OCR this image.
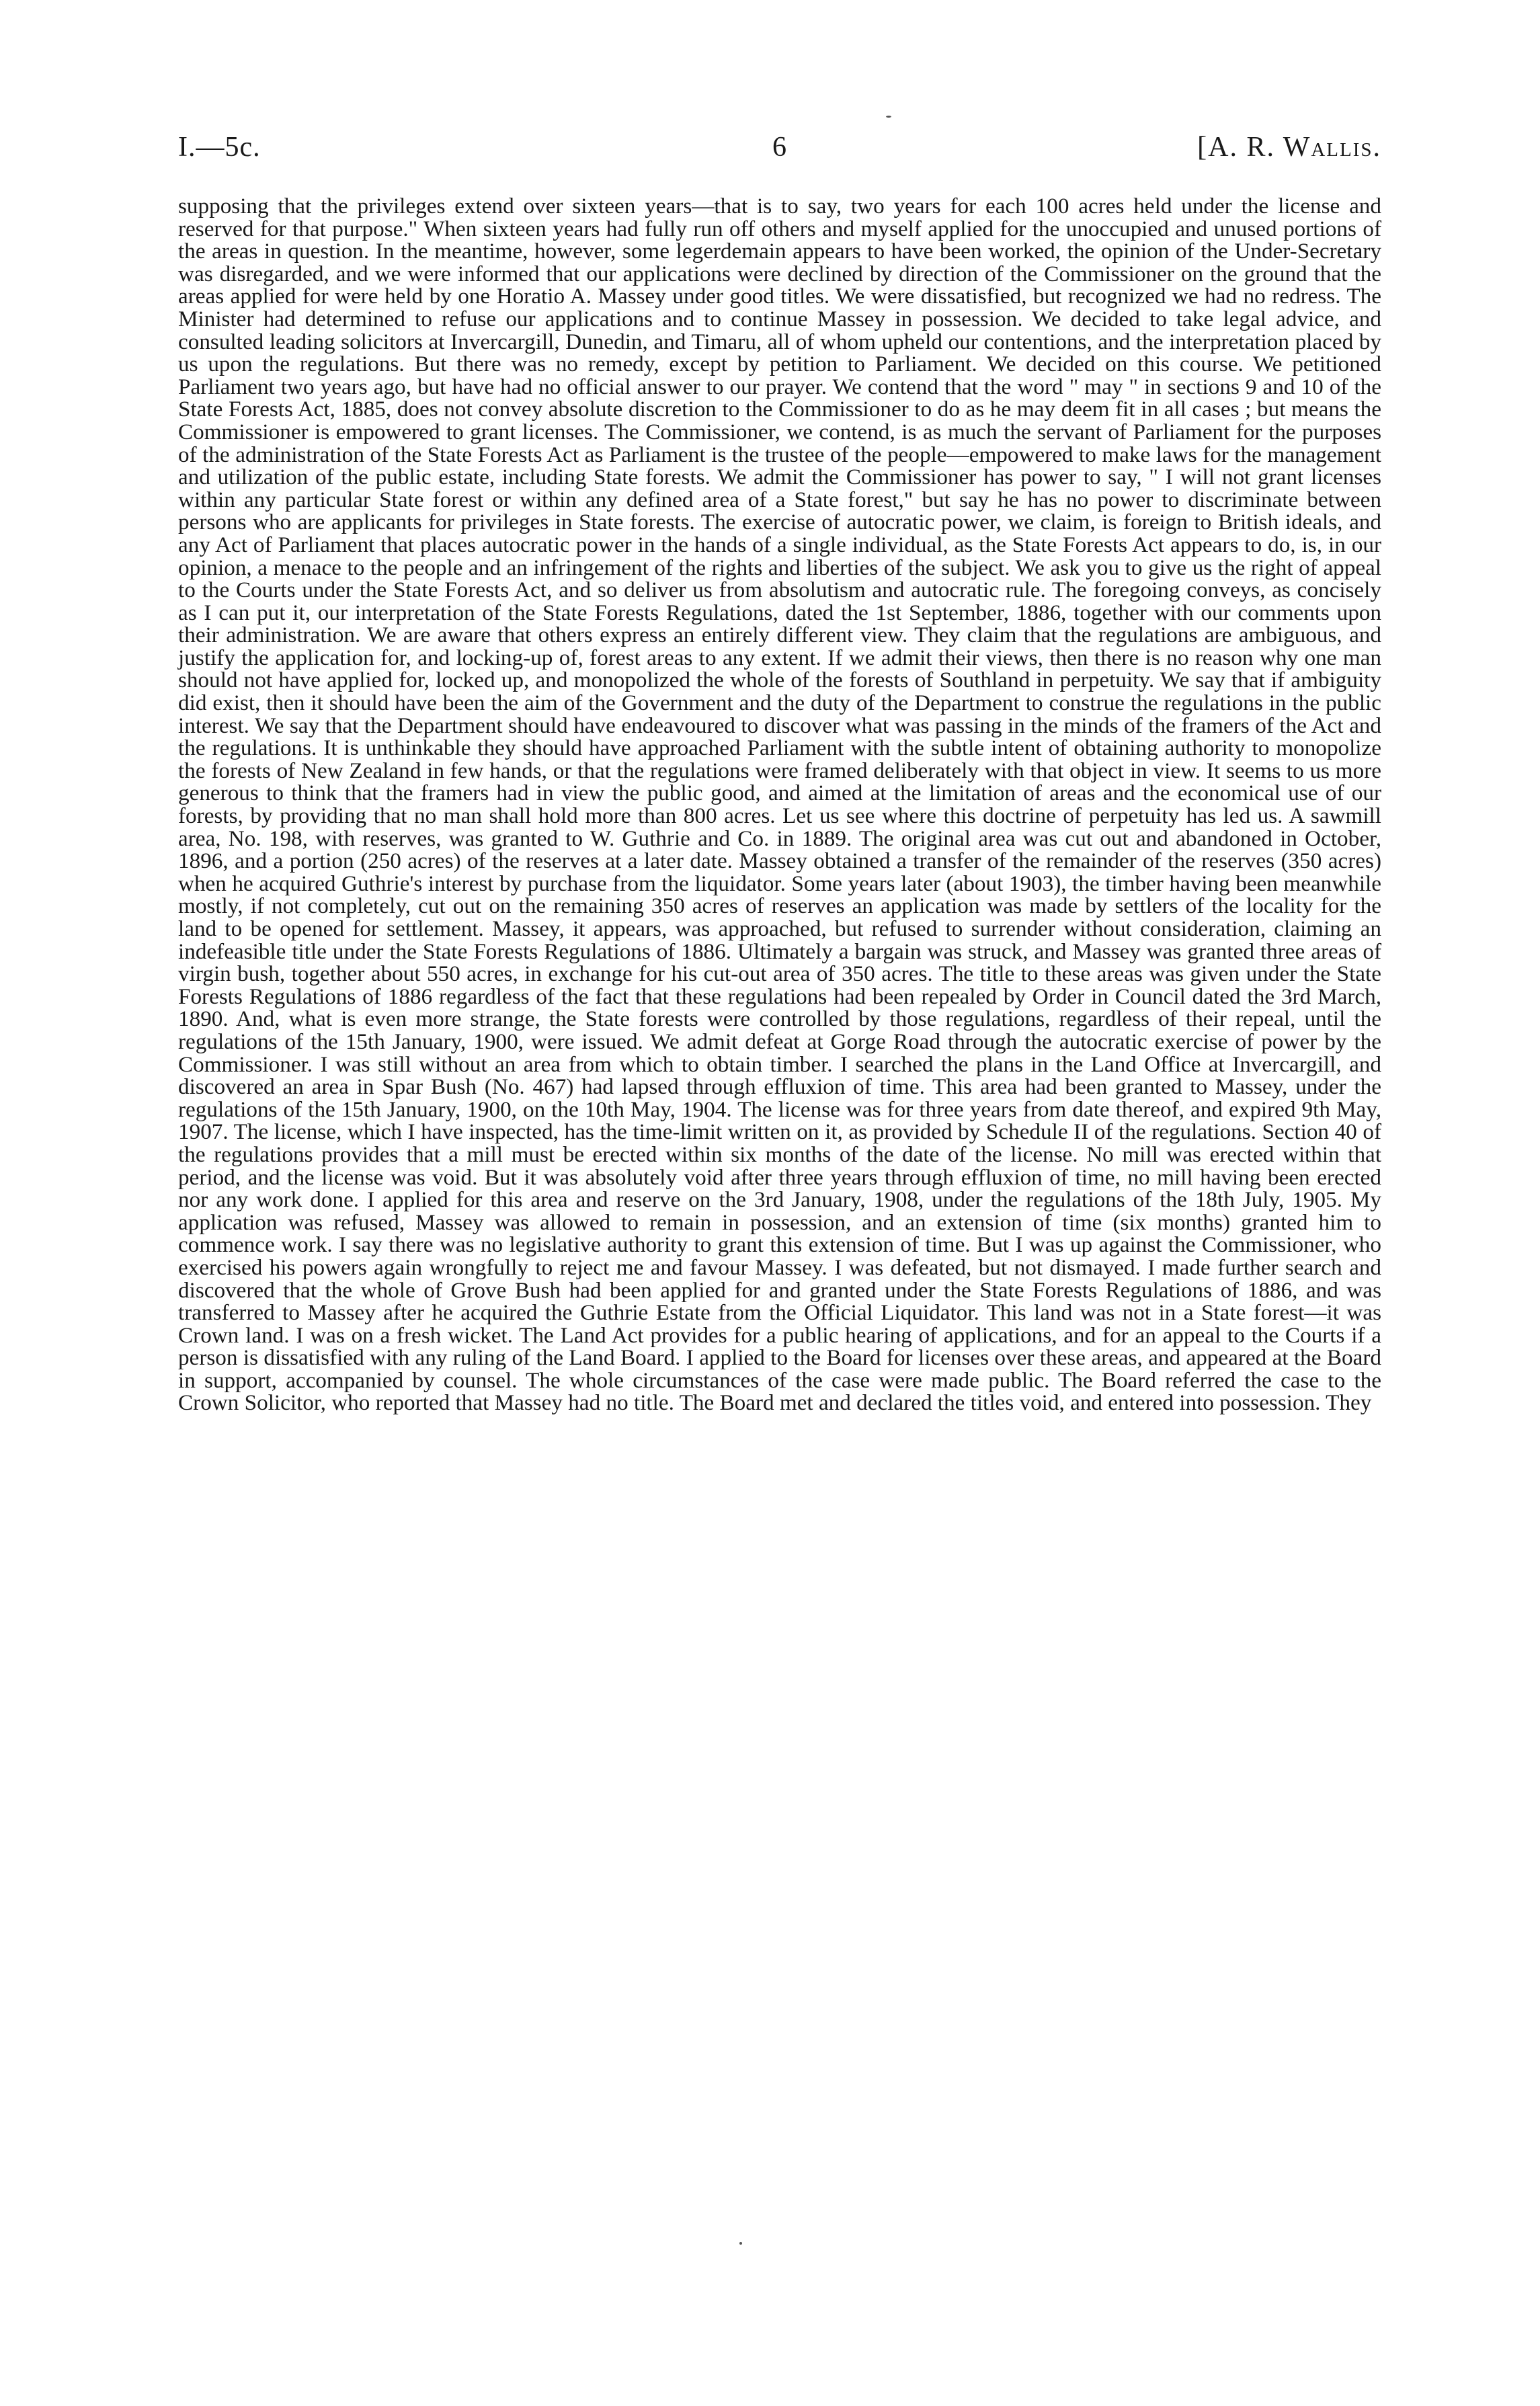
I.—5c.	6	[A. R. Wallis.

supposing that the privileges extend over sixteen years—that is to say, two years for each 100 acres held under the license and reserved for that purpose." When sixteen years had fully run off others and myself applied for the unoccupied and unused portions of the areas in question. In the meantime, however, some legerdemain appears to have been worked, the opinion of the Under-Secretary was disregarded, and we were informed that our applications were declined by direction of the Commissioner on the ground that the areas applied for were held by one Horatio A. Massey under good titles. We were dissatisfied, but recognized we had no redress. The Minister had determined to refuse our applications and to continue Massey in possession. We decided to take legal advice, and consulted leading solicitors at Invercargill, Dunedin, and Timaru, all of whom upheld our contentions, and the interpretation placed by us upon the regulations. But there was no remedy, except by petition to Parliament. We decided on this course. We petitioned Parliament two years ago, but have had no official answer to our prayer. We contend that the word " may " in sections 9 and 10 of the State Forests Act, 1885, does not convey absolute discretion to the Commissioner to do as he may deem fit in all cases ; but means the Commissioner is empowered to grant licenses. The Commissioner, we contend, is as much the servant of Parliament for the purposes of the administration of the State Forests Act as Parliament is the trustee of the people—empowered to make laws for the management and utilization of the public estate, including State forests. We admit the Commissioner has power to say, " I will not grant licenses within any particular State forest or within any defined area of a State forest," but say he has no power to discriminate between persons who are applicants for privileges in State forests. The exercise of autocratic power, we claim, is foreign to British ideals, and any Act of Parliament that places autocratic power in the hands of a single individual, as the State Forests Act appears to do, is, in our opinion, a menace to the people and an infringement of the rights and liberties of the subject. We ask you to give us the right of appeal to the Courts under the State Forests Act, and so deliver us from absolutism and autocratic rule. The foregoing conveys, as concisely as I can put it, our interpretation of the State Forests Regulations, dated the 1st September, 1886, together with our comments upon their administration. We are aware that others express an entirely different view. They claim that the regulations are ambiguous, and justify the application for, and locking-up of, forest areas to any extent. If we admit their views, then there is no reason why one man should not have applied for, locked up, and monopolized the whole of the forests of Southland in perpetuity. We say that if ambiguity did exist, then it should have been the aim of the Government and the duty of the Department to construe the regulations in the public interest. We say that the Department should have endeavoured to discover what was passing in the minds of the framers of the Act and the regulations. It is unthinkable they should have approached Parliament with the subtle intent of obtaining authority to monopolize the forests of New Zealand in few hands, or that the regulations were framed deliberately with that object in view. It seems to us more generous to think that the framers had in view the public good, and aimed at the limitation of areas and the economical use of our forests, by providing that no man shall hold more than 800 acres. Let us see where this doctrine of perpetuity has led us. A sawmill area, No. 198, with reserves, was granted to W. Guthrie and Co. in 1889. The original area was cut out and abandoned in October, 1896, and a portion (250 acres) of the reserves at a later date. Massey obtained a transfer of the remainder of the reserves (350 acres) when he acquired Guthrie's interest by purchase from the liquidator. Some years later (about 1903), the timber having been meanwhile mostly, if not completely, cut out on the remaining 350 acres of reserves an application was made by settlers of the locality for the land to be opened for settlement. Massey, it appears, was approached, but refused to surrender without consideration, claiming an indefeasible title under the State Forests Regulations of 1886. Ultimately a bargain was struck, and Massey was granted three areas of virgin bush, together about 550 acres, in exchange for his cut-out area of 350 acres. The title to these areas was given under the State Forests Regulations of 1886 regardless of the fact that these regulations had been repealed by Order in Council dated the 3rd March, 1890. And, what is even more strange, the State forests were controlled by those regulations, regardless of their repeal, until the regulations of the 15th January, 1900, were issued. We admit defeat at Gorge Road through the autocratic exercise of power by the Commissioner. I was still without an area from which to obtain timber. I searched the plans in the Land Office at Invercargill, and discovered an area in Spar Bush (No. 467) had lapsed through effluxion of time. This area had been granted to Massey, under the regulations of the 15th January, 1900, on the 10th May, 1904. The license was for three years from date thereof, and expired 9th May, 1907. The license, which I have inspected, has the time-limit written on it, as provided by Schedule II of the regulations. Section 40 of the regulations provides that a mill must be erected within six months of the date of the license. No mill was erected within that period, and the license was void. But it was absolutely void after three years through effluxion of time, no mill having been erected nor any work done. I applied for this area and reserve on the 3rd January, 1908, under the regulations of the 18th July, 1905. My application was refused, Massey was allowed to remain in possession, and an extension of time (six months) granted him to commence work. I say there was no legislative authority to grant this extension of time. But I was up against the Commissioner, who exercised his powers again wrongfully to reject me and favour Massey. I was defeated, but not dismayed. I made further search and discovered that the whole of Grove Bush had been applied for and granted under the State Forests Regulations of 1886, and was transferred to Massey after he acquired the Guthrie Estate from the Official Liquidator. This land was not in a State forest—it was Crown land. I was on a fresh wicket. The Land Act provides for a public hearing of applications, and for an appeal to the Courts if a person is dissatisfied with any ruling of the Land Board. I applied to the Board for licenses over these areas, and appeared at the Board in support, accompanied by counsel. The whole circumstances of the case were made public. The Board referred the case to the Crown Solicitor, who reported that Massey had no title. The Board met and declared the titles void, and entered into possession. They
